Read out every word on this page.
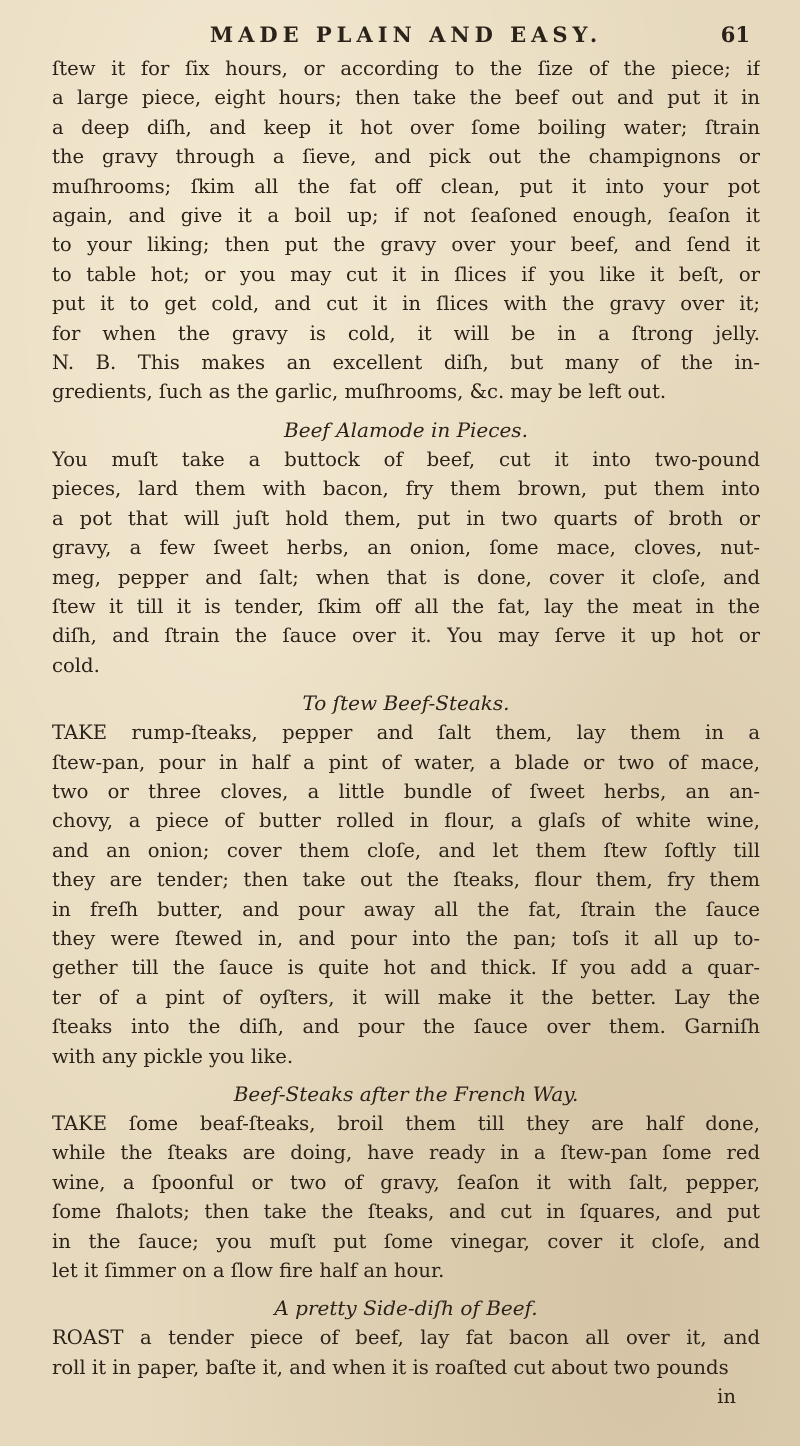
MADE PLAIN AND EASY.	61

ſtew it for ſix hours, or according to the ſize of the piece; if
a large piece, eight hours; then take the beef out and put it in
a deep diſh, and keep it hot over ſome boiling water; ſtrain
the gravy through a ſieve, and pick out the champignons or
muſhrooms; ſkim all the fat off clean, put it into your pot
again, and give it a boil up; if not ſeaſoned enough, ſeaſon it
to your liking; then put the gravy over your beef, and ſend it
to table hot; or you may cut it in ſlices if you like it beſt, or
put it to get cold, and cut it in ſlices with the gravy over it;
for when the gravy is cold, it will be in a ſtrong jelly.
N. B. This makes an excellent diſh, but many of the in-
gredients, ſuch as the garlic, muſhrooms, &c. may be left out.

Beef Alamode in Pieces.

You muſt take a buttock of beef, cut it into two-pound
pieces, lard them with bacon, fry them brown, put them into
a pot that will juſt hold them, put in two quarts of broth or
gravy, a few ſweet herbs, an onion, ſome mace, cloves, nut-
meg, pepper and ſalt; when that is done, cover it cloſe, and
ſtew it till it is tender, ſkim off all the fat, lay the meat in the
diſh, and ſtrain the ſauce over it. You may ſerve it up hot or
cold.

To ſtew Beef-Steaks.

TAKE rump-ſteaks, pepper and ſalt them, lay them in a
ſtew-pan, pour in half a pint of water, a blade or two of mace,
two or three cloves, a little bundle of ſweet herbs, an an-
chovy, a piece of butter rolled in flour, a glaſs of white wine,
and an onion; cover them cloſe, and let them ſtew ſoftly till
they are tender; then take out the ſteaks, flour them, fry them
in freſh butter, and pour away all the fat, ſtrain the ſauce
they were ſtewed in, and pour into the pan; toſs it all up to-
gether till the ſauce is quite hot and thick. If you add a quar-
ter of a pint of oyſters, it will make it the better. Lay the
ſteaks into the diſh, and pour the ſauce over them. Garniſh
with any pickle you like.

Beef-Steaks after the French Way.

TAKE ſome beaf-ſteaks, broil them till they are half done,
while the ſteaks are doing, have ready in a ſtew-pan ſome red
wine, a ſpoonful or two of gravy, ſeaſon it with ſalt, pepper,
ſome ſhalots; then take the ſteaks, and cut in ſquares, and put
in the ſauce; you muſt put ſome vinegar, cover it cloſe, and
let it ſimmer on a ſlow fire half an hour.

A pretty Side-diſh of Beef.

ROAST a tender piece of beef, lay fat bacon all over it, and
roll it in paper, baſte it, and when it is roaſted cut about two pounds

in
